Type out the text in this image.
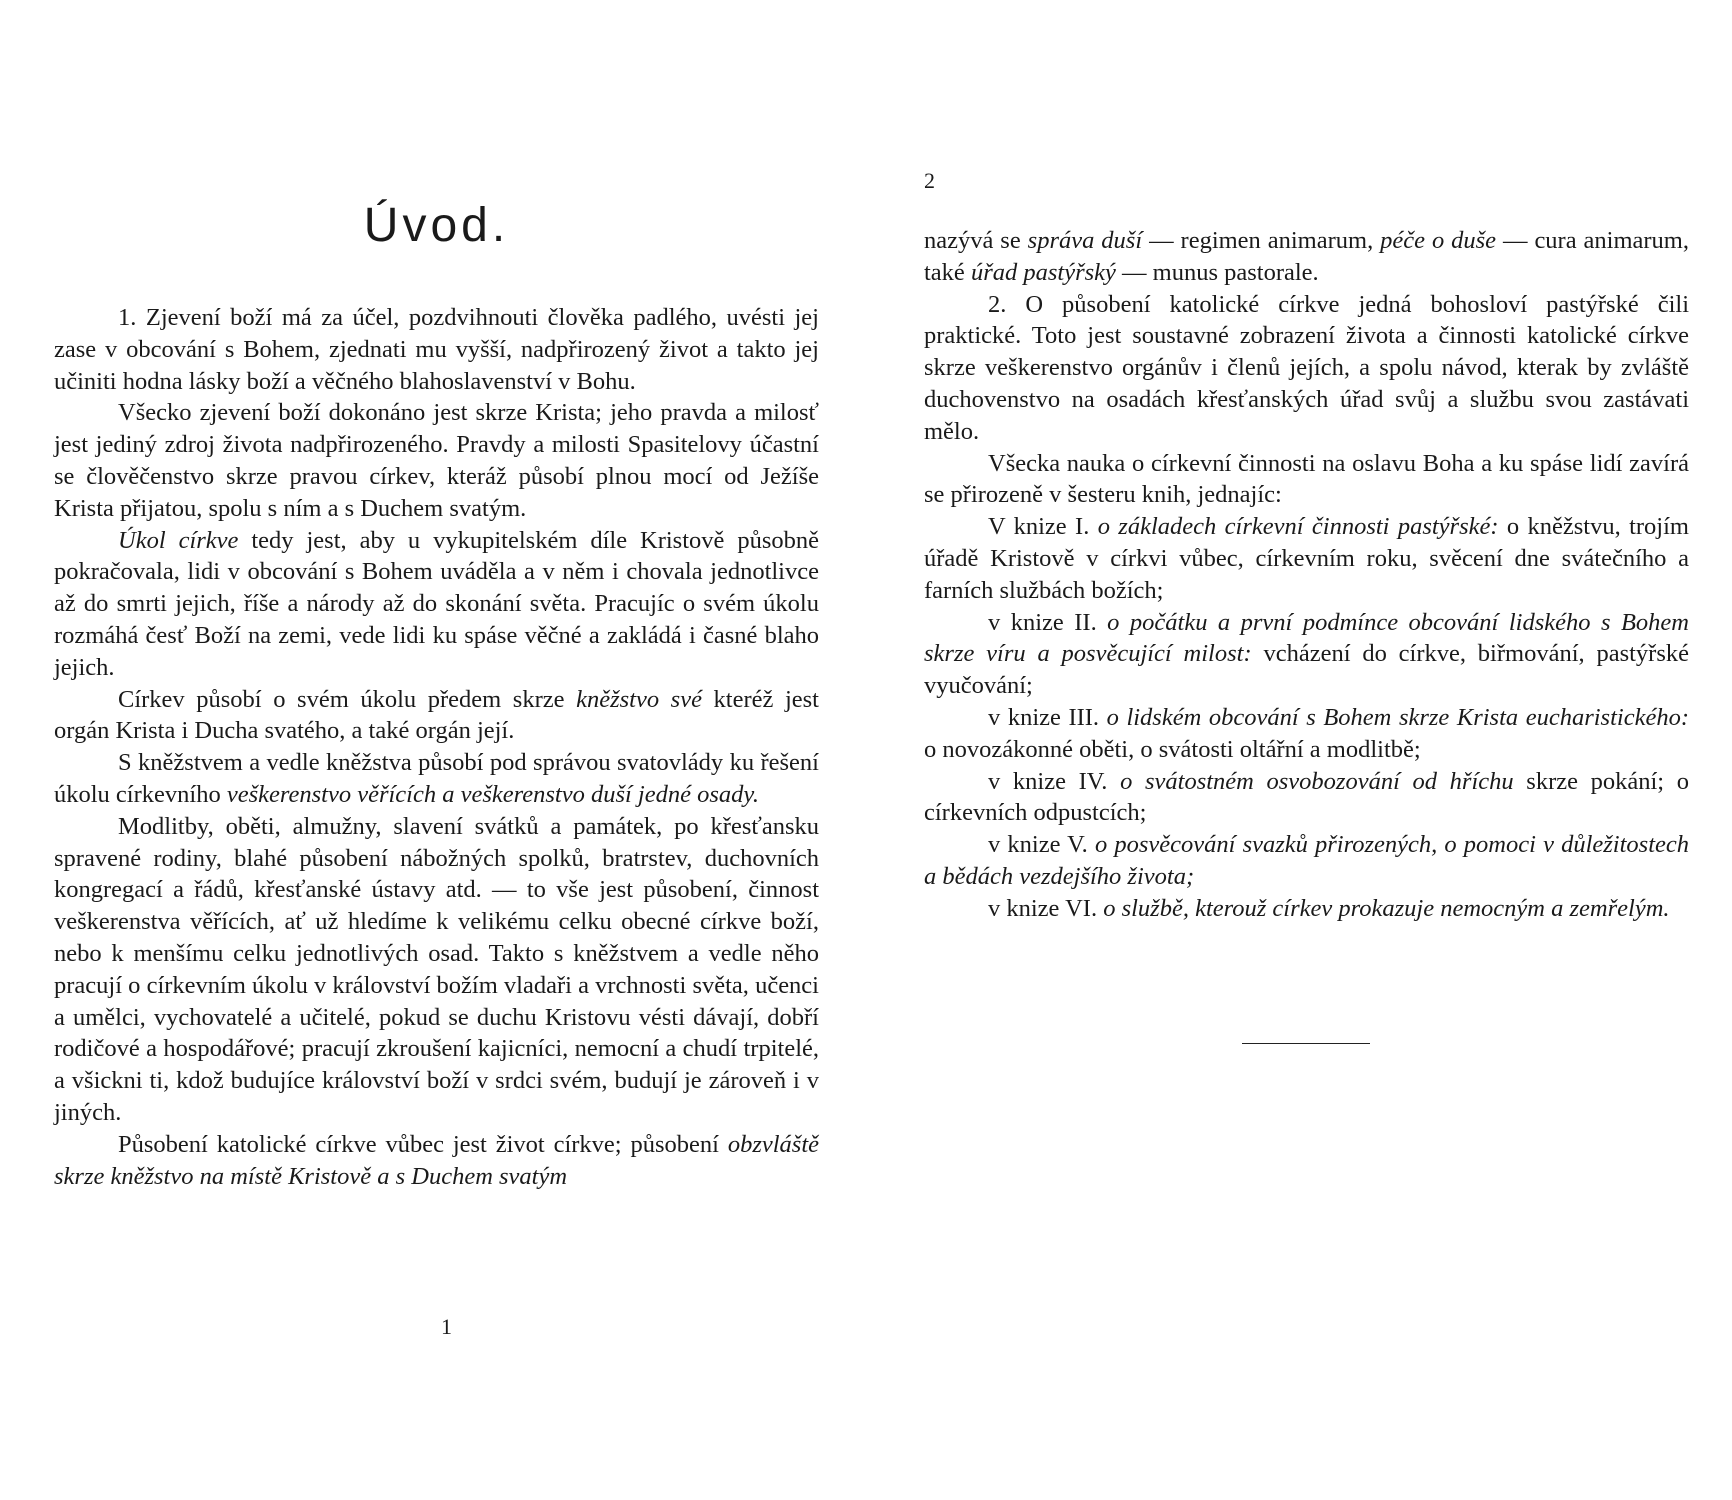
Úvod.

1. Zjevení boží má za účel, pozdvihnouti člověka padlého, uvésti jej zase v obcování s Bohem, zjednati mu vyšší, nadpřirozený život a takto jej učiniti hodna lásky boží a věčného blahoslavenství v Bohu.

Všecko zjevení boží dokonáno jest skrze Krista; jeho pravda a milosť jest jediný zdroj života nadpřirozeného. Pravdy a milosti Spasitelovy účastní se člověčenstvo skrze pravou církev, kteráž působí plnou mocí od Ježíše Krista přijatou, spolu s ním a s Duchem svatým.

Úkol církve tedy jest, aby u vykupitelském díle Kristově působně pokračovala, lidi v obcování s Bohem uváděla a v něm i chovala jednotlivce až do smrti jejich, říše a národy až do skonání světa. Pracujíc o svém úkolu rozmáhá česť Boží na zemi, vede lidi ku spáse věčné a zakládá i časné blaho jejich.

Církev působí o svém úkolu předem skrze kněžstvo své kteréž jest orgán Krista i Ducha svatého, a také orgán její.

S kněžstvem a vedle kněžstva působí pod správou svatovlády ku řešení úkolu církevního veškerenstvo věřících a veškerenstvo duší jedné osady.

Modlitby, oběti, almužny, slavení svátků a památek, po křesťansku spravené rodiny, blahé působení nábožných spolků, bratrstev, duchovních kongregací a řádů, křesťanské ústavy atd. — to vše jest působení, činnost veškerenstva věřících, ať už hledíme k velikému celku obecné církve boží, nebo k menšímu celku jednotlivých osad. Takto s kněžstvem a vedle něho pracují o církevním úkolu v království božím vladaři a vrchnosti světa, učenci a umělci, vychovatelé a učitelé, pokud se duchu Kristovu vésti dávají, dobří rodičové a hospodářové; pracují zkroušení kajicníci, nemocní a chudí trpitelé, a všickni ti, kdož budujíce království boží v srdci svém, budují je zároveň i v jiných.

Působení katolické církve vůbec jest život církve; působení obzvláště skrze kněžstvo na místě Kristově a s Duchem svatým

1
2

nazývá se správa duší — regimen animarum, péče o duše — cura animarum, také úřad pastýřský — munus pastorale.

2. O působení katolické církve jedná bohosloví pastýřské čili praktické. Toto jest soustavné zobrazení života a činnosti katolické církve skrze veškerenstvo orgánův i členů jejích, a spolu návod, kterak by zvláště duchovenstvo na osadách křesťanských úřad svůj a službu svou zastávati mělo.

Všecka nauka o církevní činnosti na oslavu Boha a ku spáse lidí zavírá se přirozeně v šesteru knih, jednajíc:

V knize I. o základech církevní činnosti pastýřské: o kněžstvu, trojím úřadě Kristově v církvi vůbec, církevním roku, svěcení dne svátečního a farních službách božích;

v knize II. o počátku a první podmínce obcování lidského s Bohem skrze víru a posvěcující milost: vcházení do církve, biřmování, pastýřské vyučování;

v knize III. o lidském obcování s Bohem skrze Krista eucharistického: o novozákonné oběti, o svátosti oltářní a modlitbě;

v knize IV. o svátostném osvobozování od hříchu skrze pokání; o církevních odpustcích;

v knize V. o posvěcování svazků přirozených, o pomoci v důležitostech a bědách vezdejšího života;

v knize VI. o službě, kterouž církev prokazuje nemocným a zemřelým.
